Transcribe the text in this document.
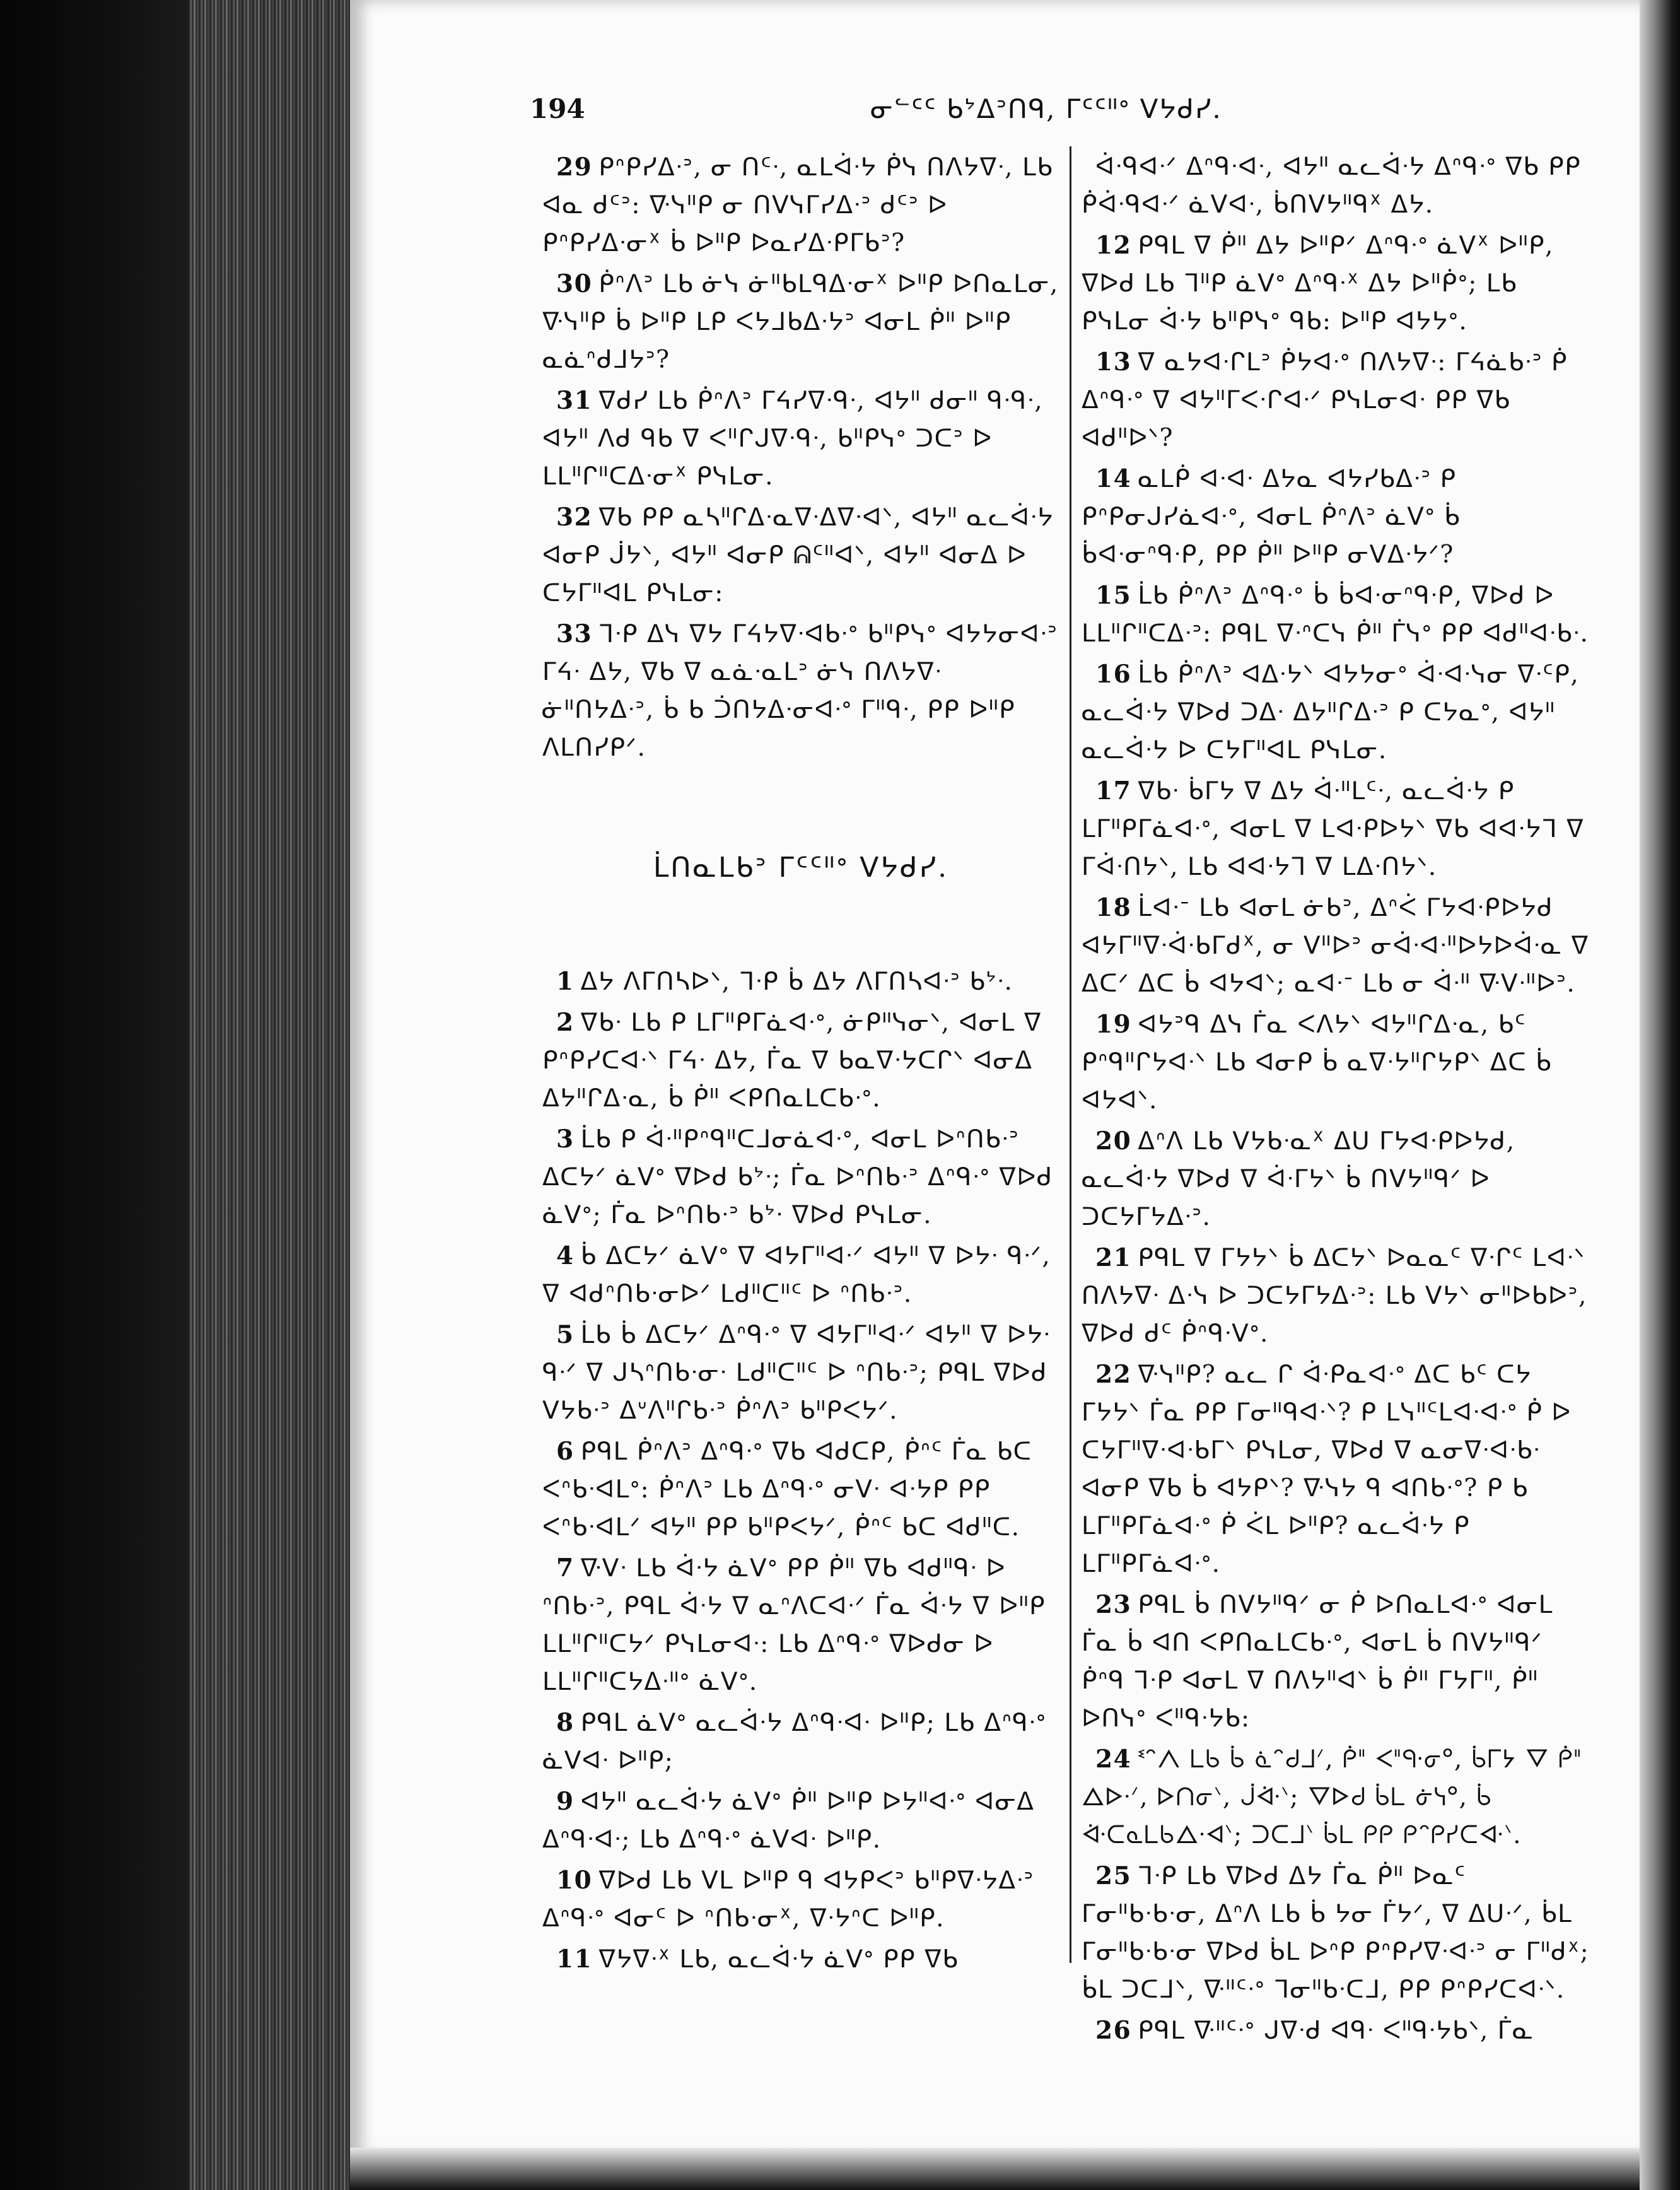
194	ᓂᓪᑦᑦ ᑲᔾᐃᐣᑎᑫ, ᒥᑦᑦᐦᐤ ᐯᔭᑯᓯ.

29 ᑭᐢᑭᓯᐃᐧᐣ, ᓂ ᑎᑦᐧ, ᓇᒪᐋᐧᔭ ᑮᓭ ᑎᐱᔭᐁᐧ, ᒪᑲ ᐊᓇ ᑯᑦᐣ: ᐍᓭᐦᑭ ᓂ ᑎᐯᓭᒥᓯᐃᐧᐣ ᑯᑦᐣ ᐅ ᑭᐢᑭᓯᐃᐧᓂᕽ ᑳ ᐅᐦᑭ ᐅᓇᓯᐃᐧᑭᒥᑲᐣ?

30 ᑮᐢᐱᐣ ᒪᑲ ᓃᓭ ᓃᐦᑲᒪᑫᐃᐧᓂᕽ ᐅᐦᑭ ᐅᑎᓇᒪᓂ, ᐍᓭᐦᑭ ᑳ ᐅᐦᑭ ᒪᑭ ᐸᔭᒧᑲᐃᐧᔭᐣ ᐊᓂᒪ ᑮᐦ ᐅᐦᑭ ᓇᓈᐢᑯᒧᔭᐣ?

31 ᐁᑯᓯ ᒪᑲ ᑮᐢᐱᐣ ᒥᔦᓯᐁᐧᑫᐧ, ᐊᔭᐦ ᑯᓂᐦ ᑫᐧᑫᐧ, ᐊᔭᐦ ᐱᑯ ᑫᑲ ᐁ ᐸᐦᒋᒍᐁᐧᑫᐧ, ᑲᐦᑭᓭᐤ ᑐᑕᐣ ᐅ ᒪᒪᐦᒋᐦᑕᐃᐧᓂᕽ ᑭᓭᒪᓂ.

32 ᐁᑲ ᑭᑭ ᓇᓴᐦᒋᐃᐧᓇᐁᐧᐃᐁᐧᐊᐠ, ᐊᔭᐦ ᓇᓚᐋᐧᔭ ᐊᓂᑭ ᒎᔭᐠ, ᐊᔭᐦ ᐊᓂᑭ ᕱᑦᐦᐊᐠ, ᐊᔭᐦ ᐊᓂᐃ ᐅ ᑕᔭᒥᐦᐊᒪ ᑭᓭᒪᓂ:

33 ᒣᐧᑭ ᐃᓭ ᐁᔭ ᒥᔦᔭᐁᐧᐊᑲᐧᐤ ᑲᐦᑭᓭᐤ ᐊᔭᔭᓂᐊᐧᐣ ᒥᔦᐧ ᐃᔭ, ᐁᑲ ᐁ ᓇᓈᐧᓇᒪᐣ ᓃᓭ ᑎᐱᔭᐁᐧ ᓃᐦᑎᔭᐃᐧᐣ, ᑳ ᑲ ᑑᑎᔭᐃᐧᓂᐊᐧᐤ ᒥᐦᑫᐧ, ᑭᑭ ᐅᐦᑭ ᐱᒪᑎᓯᑭᐟ.

ᒫᑎᓇᒪᑲᐣ ᒥᑦᑦᐦᐤ ᐯᔭᑯᓯ.

1 ᐃᔭ ᐱᒥᑎᓴᐅᐠ, ᒣᐧᑭ ᑳ ᐃᔭ ᐱᒥᑎᓴᐊᐧᐣ ᑲᔾᐧ.

2 ᐁᑲᐧ ᒪᑲ ᑭ ᒪᒥᐦᑭᒥᓈᐊᐧᐤ, ᓃᑭᐦᓭᓂᐠ, ᐊᓂᒪ ᐁ ᑭᐢᑭᓯᑕᐊᐧᐠ ᒥᔦᐧ ᐃᔭ, ᒦᓇ ᐁ ᑲᓇᐁᐧᔭᑕᒋᐠ ᐊᓂᐃ ᐃᔭᐦᒋᐃᐧᓇ, ᑳ ᑮᐦ ᐸᑭᑎᓇᒪᑕᑲᐧᐤ.

3 ᒫᑲ ᑭ ᐋᐧᐦᑭᐢᑫᐦᑕᒧᓂᓈᐊᐧᐤ, ᐊᓂᒪ ᐅᐢᑎᑲᐧᐣ ᐃᑕᔭᐟ ᓈᐯᐤ ᐁᐅᑯ ᑲᔾᐧ; ᒦᓇ ᐅᐢᑎᑲᐧᐣ ᐃᐢᑫᐧᐤ ᐁᐅᑯ ᓈᐯᐤ; ᒦᓇ ᐅᐢᑎᑲᐧᐣ ᑲᔾᐧ ᐁᐅᑯ ᑭᓭᒪᓂ.

4 ᑳ ᐃᑕᔭᐟ ᓈᐯᐤ ᐁ ᐊᔭᒥᐦᐊᐧᐟ ᐊᔭᐦ ᐁ ᐅᔭᐧ ᑫᐧᐟ, ᐁ ᐊᑯᐢᑎᑲᐧᓂᐅᐟ ᒪᑯᐦᑕᐦᑦ ᐅ ᐢᑎᑲᐧᐣ.

5 ᒫᑲ ᑳ ᐃᑕᔭᐟ ᐃᐢᑫᐧᐤ ᐁ ᐊᔭᒥᐦᐊᐧᐟ ᐊᔭᐦ ᐁ ᐅᔭᐧ ᑫᐧᐟ ᐁ ᒍᓴᐢᑎᑲᐧᓂᐧ ᒪᑯᐦᑕᐦᑦ ᐅ ᐢᑎᑲᐧᐣ; ᑭᑫᒪ ᐁᐅᑯ ᐯᔭᑲᐧᐣ ᐃᐡᐱᐦᒋᑲᐧᐣ ᑮᐢᐱᐣ ᑲᐦᑭᐸᔭᐟ.

6 ᑭᑫᒪ ᑮᐢᐱᐣ ᐃᐢᑫᐧᐤ ᐁᑲ ᐊᑯᑕᑭ, ᑮᐢᑦ ᒦᓇ ᑲᑕ ᐸᐢᑲᐧᐊᒪᐤ: ᑮᐢᐱᐣ ᒪᑲ ᐃᐢᑫᐧᐤ ᓂᐯᐧ ᐊᐧᔭᑭ ᑭᑭ ᐸᐢᑲᐧᐊᒪᐟ ᐊᔭᐦ ᑭᑭ ᑲᐦᑭᐸᔭᐟ, ᑮᐢᑦ ᑲᑕ ᐊᑯᐦᑕ.

7 ᐍᐯᐧ ᒪᑲ ᐋᐧᔭ ᓈᐯᐤ ᑭᑭ ᑮᐦ ᐁᑲ ᐊᑯᐦᑫᐧ ᐅ ᐢᑎᑲᐧᐣ, ᑭᑫᒪ ᐋᐧᔭ ᐁ ᓇᐢᐱᑕᐊᐧᐟ ᒦᓇ ᐋᐧᔭ ᐁ ᐅᐦᑭ ᒪᒪᐦᒋᐦᑕᔭᐟ ᑭᓭᒪᓂᐊᐧ: ᒪᑲ ᐃᐢᑫᐧᐤ ᐁᐅᑯᓂ ᐅ ᒪᒪᐦᒋᐦᑕᔭᐃᐧᐦᐤ ᓈᐯᐤ.

8 ᑭᑫᒪ ᓈᐯᐤ ᓇᓚᐋᐧᔭ ᐃᐢᑫᐧᐊᐧ ᐅᐦᑭ; ᒪᑲ ᐃᐢᑫᐧᐤ ᓈᐯᐊᐧ ᐅᐦᑭ;

9 ᐊᔭᐦ ᓇᓚᐋᐧᔭ ᓈᐯᐤ ᑮᐦ ᐅᐦᑭ ᐅᔭᐦᐊᐧᐤ ᐊᓂᐃ ᐃᐢᑫᐧᐊᐧ; ᒪᑲ ᐃᐢᑫᐧᐤ ᓈᐯᐊᐧ ᐅᐦᑭ.

10 ᐁᐅᑯ ᒪᑲ ᐯᒪ ᐅᐦᑭ ᑫ ᐊᔭᑭᐸᐣ ᑲᐦᑭᐁᐧᔭᐃᐧᐣ ᐃᐢᑫᐧᐤ ᐊᓂᑦ ᐅ ᐢᑎᑲᐧᓂᕽ, ᐁᐧᔭᐢᑕ ᐅᐦᑭ.

11 ᐁᔭᐁᐧᕽ ᒪᑲ, ᓇᓚᐋᐧᔭ ᓈᐯᐤ ᑭᑭ ᐁᑲ

ᐋᐧᑫᐊᐧᐟ ᐃᐢᑫᐧᐊᐧ, ᐊᔭᐦ ᓇᓚᐋᐧᔭ ᐃᐢᑫᐧᐤ ᐁᑲ ᑭᑭ ᑮᐋᐧᑫᐊᐧᐟ ᓈᐯᐊᐧ, ᑳᑎᐯᔭᐦᑫᕽ ᐃᔭ.

12 ᑭᑫᒪ ᐁ ᑮᐦ ᐃᔭ ᐅᐦᑭᐟ ᐃᐢᑫᐧᐤ ᓈᐯᕽ ᐅᐦᑭ, ᐁᐅᑯ ᒪᑲ ᒣᐦᑭ ᓈᐯᐤ ᐃᐢᑫᐧᕽ ᐃᔭ ᐅᐦᑮᐤ; ᒪᑲ ᑭᓭᒪᓂ ᐋᐧᔭ ᑲᐦᑭᓭᐤ ᑫᑲ: ᐅᐦᑭ ᐊᔭᔭᐤ.

13 ᐁ ᓇᔭᐊᐧᒋᒪᐣ ᑮᔭᐊᐧᐤ ᑎᐱᔭᐁᐧ: ᒥᔦᓈᑲᐧᐣ ᑮ ᐃᐢᑫᐧᐤ ᐁ ᐊᔭᐦᒥᐸᐧᒋᐊᐧᐟ ᑭᓭᒪᓂᐊᐧ ᑭᑭ ᐁᑲ ᐊᑯᐦᐅᐠ?

14 ᓇᒪᑮ ᐊᐧᐊᐧ ᐃᔭᓇ ᐊᔭᓯᑲᐃᐧᐣ ᑭ ᑭᐢᑭᓂᒍᓯᓈᐊᐧᐤ, ᐊᓂᒪ ᑮᐢᐱᐣ ᓈᐯᐤ ᑳ ᑳᐊᐧᓂᐢᑫᐧᑭ, ᑭᑭ ᑮᐦ ᐅᐦᑭ ᓂᐯᐃᐧᔭᐟ?

15 ᒫᑲ ᑮᐢᐱᐣ ᐃᐢᑫᐧᐤ ᑳ ᑳᐊᐧᓂᐢᑫᐧᑭ, ᐁᐅᑯ ᐅ ᒪᒪᐦᒋᐦᑕᐃᐧᐣ: ᑭᑫᒪ ᐁᐧᐢᑕᓭ ᑮᐦ ᒦᓭᐤ ᑭᑭ ᐊᑯᐦᐊᐧᑲᐧ.

16 ᒫᑲ ᑮᐢᐱᐣ ᐊᐃᐧᔭᐠ ᐊᔭᔭᓂᐤ ᐋᐧᐊᐧᓭᓂ ᐁᐧᑦᑭ, ᓇᓚᐋᐧᔭ ᐁᐅᑯ ᑐᐃᐧ ᐃᔭᐦᒋᐃᐧᐣ ᑭ ᑕᔭᓇᐤ, ᐊᔭᐦ ᓇᓚᐋᐧᔭ ᐅ ᑕᔭᒥᐦᐊᒪ ᑭᓭᒪᓂ.

17 ᐁᑲᐧ ᑳᒥᔭ ᐁ ᐃᔭ ᐋᐧᐦᒪᑦᐧ, ᓇᓚᐋᐧᔭ ᑭ ᒪᒥᐦᑭᒥᓈᐊᐧᐤ, ᐊᓂᒪ ᐁ ᒪᐊᐧᑭᐅᔭᐠ ᐁᑲ ᐊᐊᐧᔭᒣ ᐁ ᒥᐋᐧᑎᔭᐠ, ᒪᑲ ᐊᐊᐧᔭᒣ ᐁ ᒪᐃᐧᑎᔭᐠ.

18 ᒫᐊᐧᐨ ᒪᑲ ᐊᓂᒪ ᓃᑲᐣ, ᐃᐢᐹ ᒥᔭᐊᐧᑭᐅᔭᑯ ᐊᔭᒥᐦᐁᐧᐋᐧᑲᒥᑯᕽ, ᓂ ᐯᐦᐅᐣ ᓂᐋᐧᐊᐧᐦᐅᔭᐅᐋᐧᓇ ᐁ ᐃᑕᐟ ᐃᑕ ᑳ ᐊᔭᐊᐠ; ᓇᐊᐧᐨ ᒪᑲ ᓂ ᐋᐧᐦ ᐍᐯᐧᐦᐅᐣ.

19 ᐊᔭᐣᑫ ᐃᓭ ᒦᓇ ᐸᐱᔭᐠ ᐊᔭᐦᒋᐃᐧᓇ, ᑲᑦ ᑭᐢᑫᐦᒋᔭᐊᐧᐠ ᒪᑲ ᐊᓂᑭ ᑳ ᓇᐁᐧᔭᐦᒋᔭᑭᐠ ᐃᑕ ᑳ ᐊᔭᐊᐠ.

20 ᐃᐢᐱ ᒪᑲ ᐯᔭᑲᐧᓇᕽ ᐃᑌ ᒥᔭᐊᐧᑭᐅᔭᑯ, ᓇᓚᐋᐧᔭ ᐁᐅᑯ ᐁ ᐋᐧᒥᔭᐠ ᑳ ᑎᐯᔭᐦᑫᐟ ᐅ ᑐᑕᔭᒥᔭᐃᐧᐣ.

21 ᑭᑫᒪ ᐁ ᒥᔭᔭᐠ ᑳ ᐃᑕᔭᐠ ᐅᓇᓇᑦ ᐁᐧᒋᑦ ᒪᐊᐧᐠ ᑎᐱᔭᐁᐧ ᐃᐧᓭ ᐅ ᑐᑕᔭᒥᔭᐃᐧᐣ: ᒪᑲ ᐯᔭᐠ ᓂᐦᐅᑲᐅᐣ, ᐁᐅᑯ ᑯᑦ ᑮᐢᑫᐧᐯᐤ.

22 ᐍᓭᐦᑭ? ᓇᓚ ᒋ ᐋᐧᑭᓇᐊᐧᐤ ᐃᑕ ᑲᑦ ᑕᔭ ᒥᔭᔭᐠ ᒦᓇ ᑭᑭ ᒥᓂᐦᑫᐊᐧᐠ? ᑭ ᒪᓭᐦᑦᒪᐊᐧᐊᐧᐤ ᑮ ᐅ ᑕᔭᒥᐦᐁᐧᐊᐧᑲᒥᐠ ᑭᓭᒪᓂ, ᐁᐅᑯ ᐁ ᓇᓂᐁᐧᐊᐧᑲᐧ ᐊᓂᑭ ᐁᑲ ᑳ ᐊᔭᑭᐠ? ᐍᓭᔭ ᑫ ᐊᑎᑲᐧᐤ? ᑭ ᑲ ᒪᒥᐦᑭᒥᓈᐊᐧᐤ ᑮ ᐹᒪ ᐅᐦᑭ? ᓇᓚᐋᐧᔭ ᑭ ᒪᒥᐦᑭᒥᓈᐊᐧᐤ.

23 ᑭᑫᒪ ᑳ ᑎᐯᔭᐦᑫᐟ ᓂ ᑮ ᐅᑎᓇᒪᐊᐧᐤ ᐊᓂᒪ ᒦᓇ ᑳ ᐊᑎ ᐸᑭᑎᓇᒪᑕᑲᐧᐤ, ᐊᓂᒪ ᑳ ᑎᐯᔭᐦᑫᐟ ᑮᐢᑫ ᒣᐧᑭ ᐊᓂᒪ ᐁ ᑎᐱᔭᐦᐊᐠ ᑳ ᑮᐦ ᒥᔭᒥᐦ, ᑮᐦ ᐅᑎᓭᐤ ᐸᐦᑫᐧᔭᑲ:

24 ᓫᐢᐱ ᒪᑲ ᑳ ᓈᐢᑯᒧᐟ, ᑮᐦ ᐸᐦᑫᐧᓂᐤ, ᑳᒥᔭ ᐁ ᑮᐦ ᐃᐅᐧᐟ, ᐅᑎᓂᐠ, ᒎᐋᐧᐠ; ᐁᐅᑯ ᑳᒪ ᓃᓭᐤ, ᑳ ᐋᐧᑕᓇᒪᑲᐃᐧᐊᐠ; ᑐᑕᒧᐠ ᑳᒪ ᑭᑭ ᑭᐢᑭᓯᑕᐊᐧᐠ.

25 ᒣᐧᑭ ᒪᑲ ᐁᐅᑯ ᐃᔭ ᒦᓇ ᑮᐦ ᐅᓇᑦ ᒥᓂᐦᑲᐧᑲᐧᓂ, ᐃᐢᐱ ᒪᑲ ᑳ ᔭᓂ ᒦᔭᐟ, ᐁ ᐃᑌᐧᐟ, ᑳᒪ ᒥᓂᐦᑲᐧᑲᐧᓂ ᐁᐅᑯ ᑳᒪ ᐅᐢᑭ ᑭᐢᑭᓯᐁᐧᐊᐧᐣ ᓂ ᒥᐦᑯᕽ; ᑳᒪ ᑐᑕᒧᐠ, ᐍᐦᑦᐧᐤ ᒣᓂᐦᑲᐧᑕᒧ, ᑭᑭ ᑭᐢᑭᓯᑕᐊᐧᐠ.

26 ᑭᑫᒪ ᐍᐦᑦᐧᐤ ᒍᐁᐧᑯ ᐊᑫᐧ ᐸᐦᑫᐧᔭᑲᐠ, ᒦᓇ
